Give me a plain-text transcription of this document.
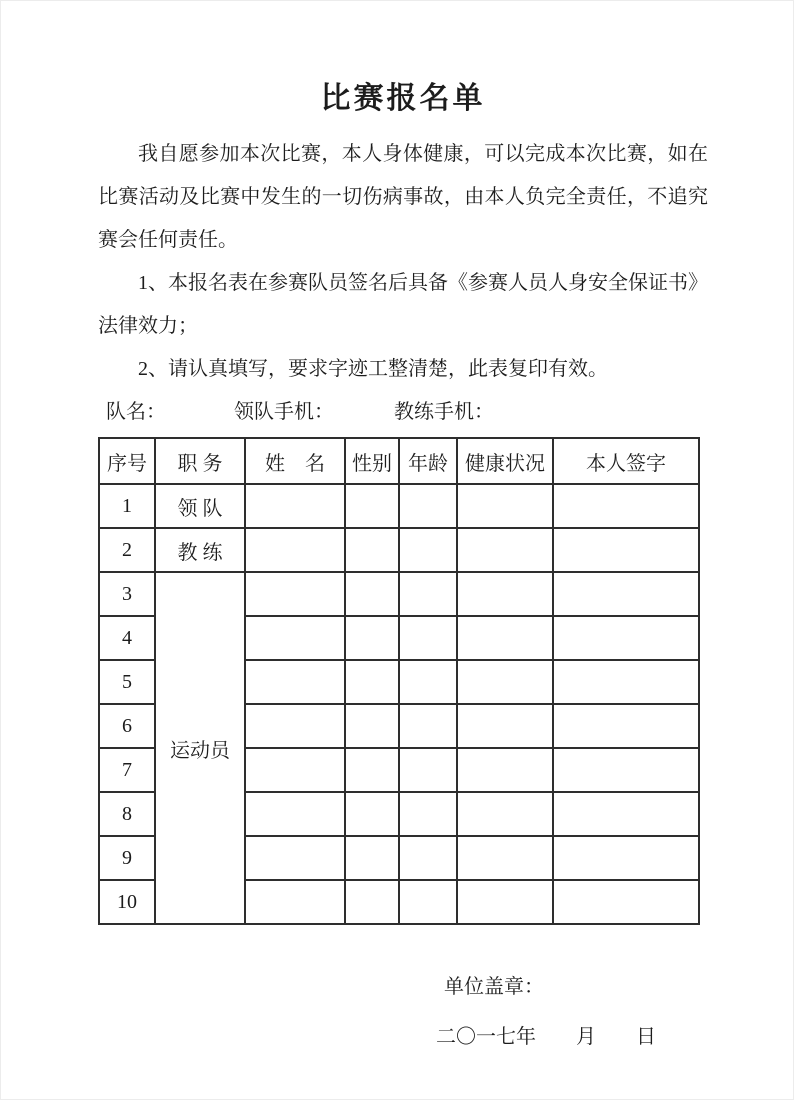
比赛报名单

我自愿参加本次比赛，本人身体健康，可以完成本次比赛，如在比赛活动及比赛中发生的一切伤病事故，由本人负完全责任，不追究赛会任何责任。

1、本报名表在参赛队员签名后具备《参赛人员人身安全保证书》法律效力；

2、请认真填写，要求字迹工整清楚，此表复印有效。

队名：	领队手机：	教练手机：
序号	职 务	姓　名	性别	年龄	健康状况	本人签字
1	领 队					
2	教 练					
3	运动员					
4						
5						
6						
7						
8						
9						
10						
单位盖章：
二〇一七年　　月　　日
